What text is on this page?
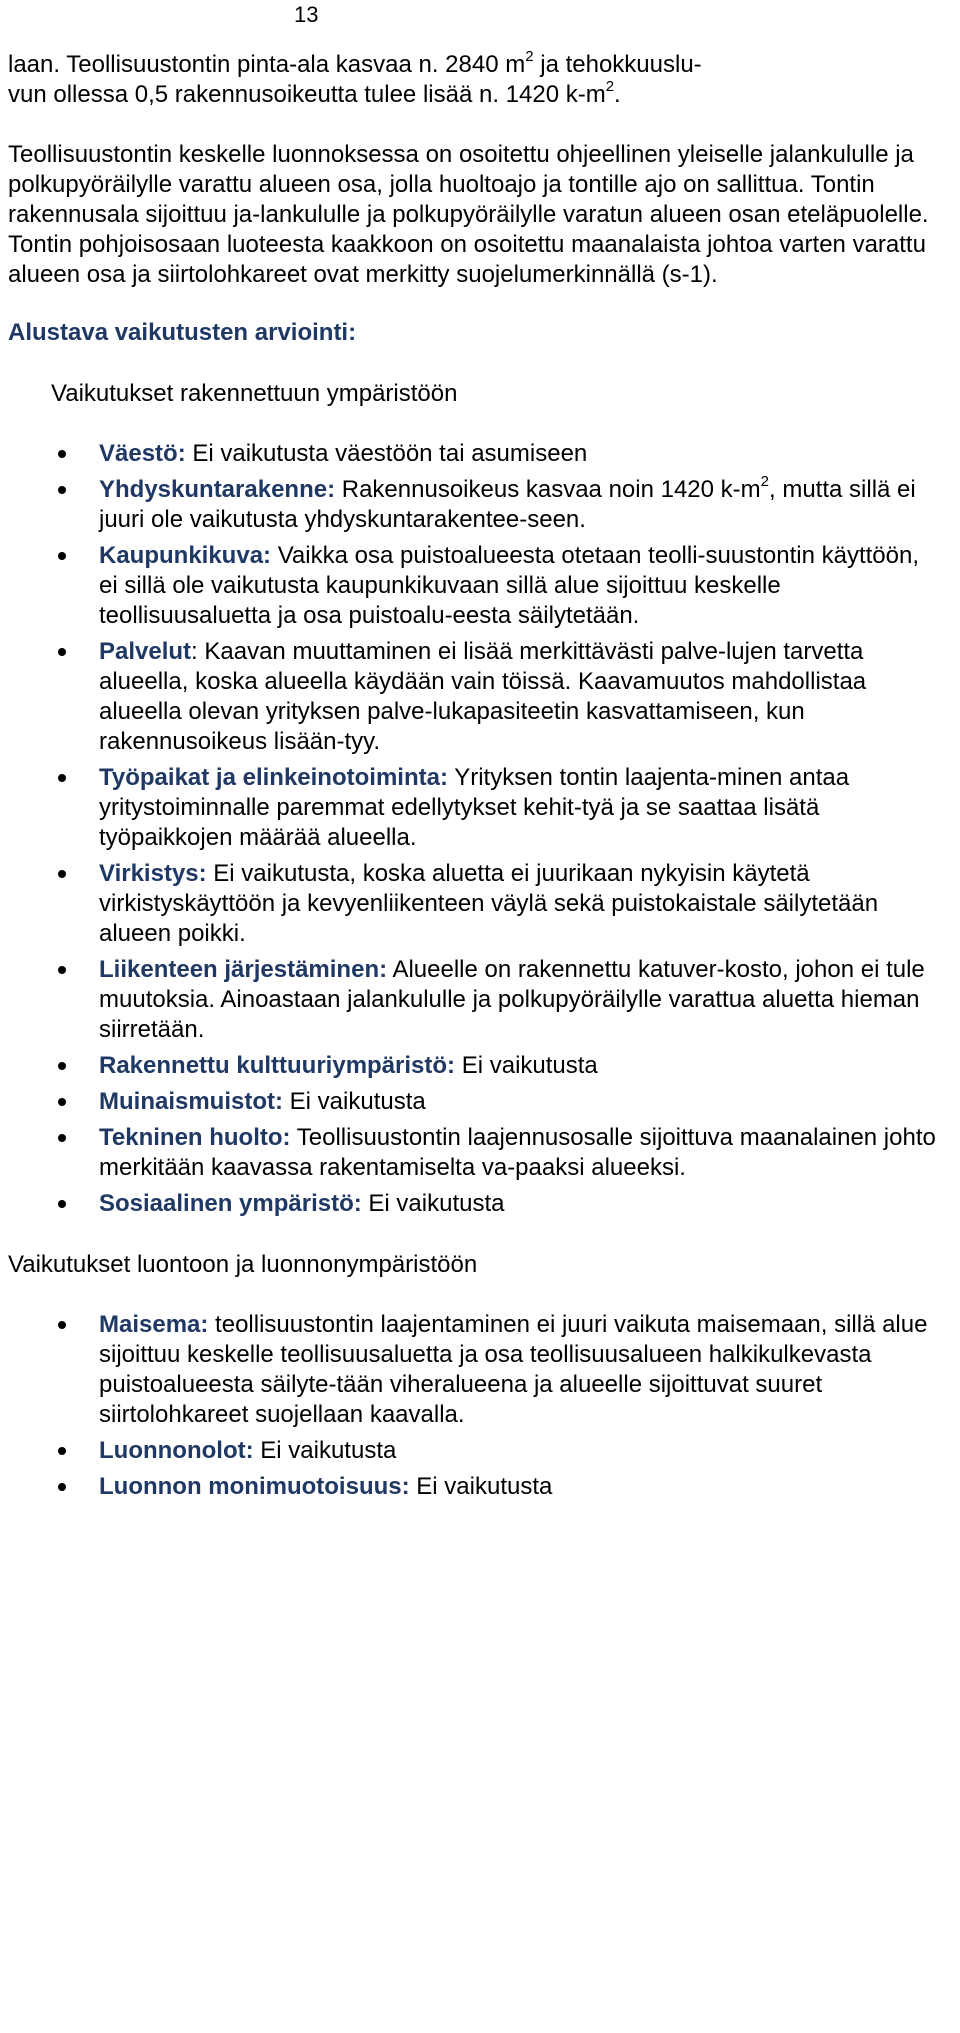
13

laan. Teollisuustontin pinta-ala kasvaa n. 2840 $m^2$ ja tehokkuuslu-
vun ollessa 0,5 rakennusoikeutta tulee lisää n. 1420 $k-m^2$.

Teollisuustontin keskelle luonnoksessa on osoitettu ohjeellinen yleiselle jalankululle ja polkupyöräilylle varattu alueen osa, jolla huoltoajo ja tontille ajo on sallittua. Tontin rakennusala sijoittuu ja-lankululle ja polkupyöräilylle varatun alueen osan eteläpuolelle. Tontin pohjoisosaan luoteesta kaakkoon on osoitettu maanalaista johtoa varten varattu alueen osa ja siirtolohkareet ovat merkitty suojelumerkinnällä (s-1).

Alustava vaikutusten arviointi:
Vaikutukset rakennettuun ympäristöön
Väestö: Ei vaikutusta väestöön tai asumiseen
Yhdyskuntarakenne: Rakennusoikeus kasvaa noin 1420 $k-m^2$, mutta sillä ei juuri ole vaikutusta yhdyskuntarakentee-seen.
Kaupunkikuva: Vaikka osa puistoalueesta otetaan teolli-suustontin käyttöön, ei sillä ole vaikutusta kaupunkikuvaan sillä alue sijoittuu keskelle teollisuusaluetta ja osa puistoalu-eesta säilytetään.
Palvelut: Kaavan muuttaminen ei lisää merkittävästi palve-lujen tarvetta alueella, koska alueella käydään vain töissä. Kaavamuutos mahdollistaa alueella olevan yrityksen palve-lukapasiteetin kasvattamiseen, kun rakennusoikeus lisään-tyy.
Työpaikat ja elinkeinotoiminta: Yrityksen tontin laajenta-minen antaa yritystoiminnalle paremmat edellytykset kehit-tyä ja se saattaa lisätä työpaikkojen määrää alueella.
Virkistys: Ei vaikutusta, koska aluetta ei juurikaan nykyisin käytetä virkistyskäyttöön ja kevyenliikenteen väylä sekä puistokaistale säilytetään alueen poikki.
Liikenteen järjestäminen: Alueelle on rakennettu katuver-kosto, johon ei tule muutoksia. Ainoastaan jalankululle ja polkupyöräilylle varattua aluetta hieman siirretään.
Rakennettu kulttuuriympäristö: Ei vaikutusta
Muinaismuistot: Ei vaikutusta
Tekninen huolto: Teollisuustontin laajennusosalle sijoittuva maanalainen johto merkitään kaavassa rakentamiselta va-paaksi alueeksi.
Sosiaalinen ympäristö: Ei vaikutusta
Vaikutukset luontoon ja luonnonympäristöön
Maisema: teollisuustontin laajentaminen ei juuri vaikuta maisemaan, sillä alue sijoittuu keskelle teollisuusaluetta ja osa teollisuusalueen halkikulkevasta puistoalueesta säilyte-tään viheralueena ja alueelle sijoittuvat suuret siirtolohkareet suojellaan kaavalla.
Luonnonolot: Ei vaikutusta
Luonnon monimuotoisuus: Ei vaikutusta
